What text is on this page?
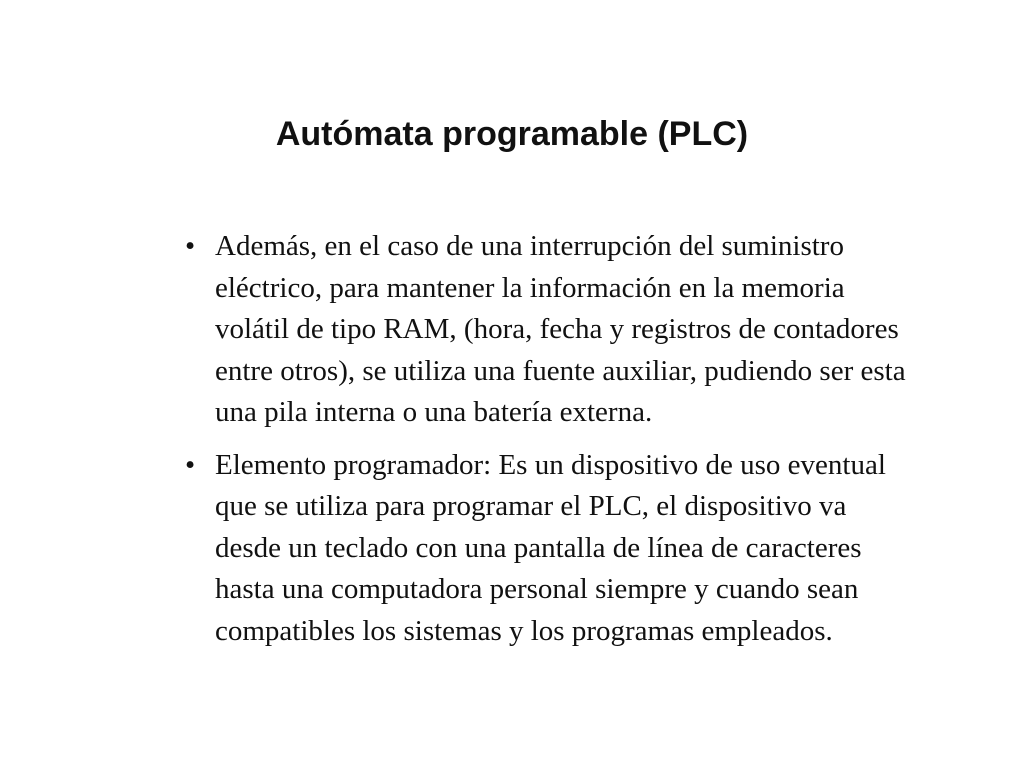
Autómata programable (PLC)
• Además, en el caso de una interrupción del suministro eléctrico, para mantener la información en la memoria volátil de tipo RAM, (hora, fecha y registros de contadores entre otros), se utiliza una fuente auxiliar, pudiendo ser esta una pila interna o una batería externa.
• Elemento programador: Es un dispositivo de uso eventual que se utiliza para programar el PLC, el dispositivo va desde un teclado con una pantalla de línea de caracteres hasta una computadora personal siempre y cuando sean compatibles los sistemas y los programas empleados.
